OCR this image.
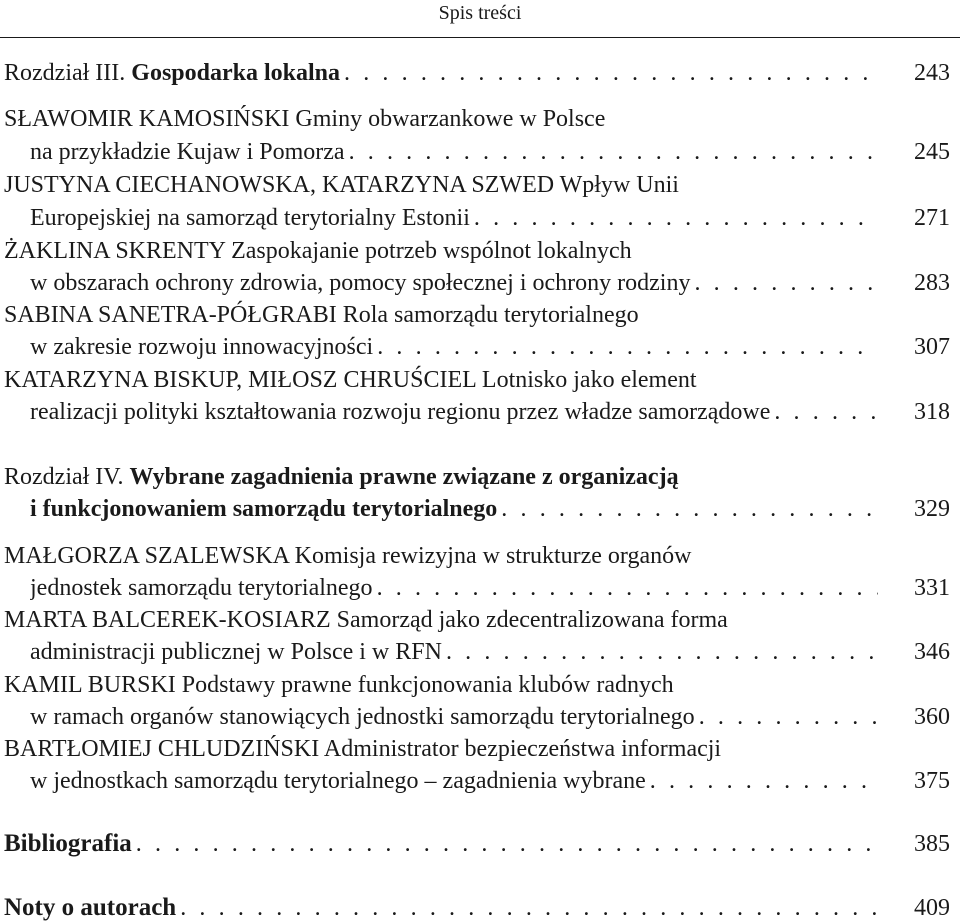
Spis treści
Rozdział III. Gospodarka lokalna . . .	243
SŁAWOMIR KAMOSIŃSKI Gminy obwarzankowe w Polsce
na przykładzie Kujaw i Pomorza . . .	245
JUSTYNA CIECHANOWSKA, KATARZYNA SZWED Wpływ Unii
Europejskiej na samorząd terytorialny Estonii . . .	271
ŻAKLINA SKRENTY Zaspokajanie potrzeb wspólnot lokalnych
w obszarach ochrony zdrowia, pomocy społecznej i ochrony rodziny . . .	283
SABINA SANETRA-PÓŁGRABI Rola samorządu terytorialnego
w zakresie rozwoju innowacyjności . . .	307
KATARZYNA BISKUP, MIŁOSZ CHRUŚCIEL Lotnisko jako element
realizacji polityki kształtowania rozwoju regionu przez władze samorządowe . . .	318
Rozdział IV. Wybrane zagadnienia prawne związane z organizacją
i funkcjonowaniem samorządu terytorialnego . . .	329
MAŁGORZA SZALEWSKA Komisja rewizyjna w strukturze organów
jednostek samorządu terytorialnego . . .	331
MARTA BALCEREK-KOSIARZ Samorząd jako zdecentralizowana forma
administracji publicznej w Polsce i w RFN . . .	346
KAMIL BURSKI Podstawy prawne funkcjonowania klubów radnych
w ramach organów stanowiących jednostki samorządu terytorialnego . . .	360
BARTŁOMIEJ CHLUDZIŃSKI Administrator bezpieczeństwa informacji
w jednostkach samorządu terytorialnego – zagadnienia wybrane . . .	375
Bibliografia . . .	385
Noty o autorach . . .	409
